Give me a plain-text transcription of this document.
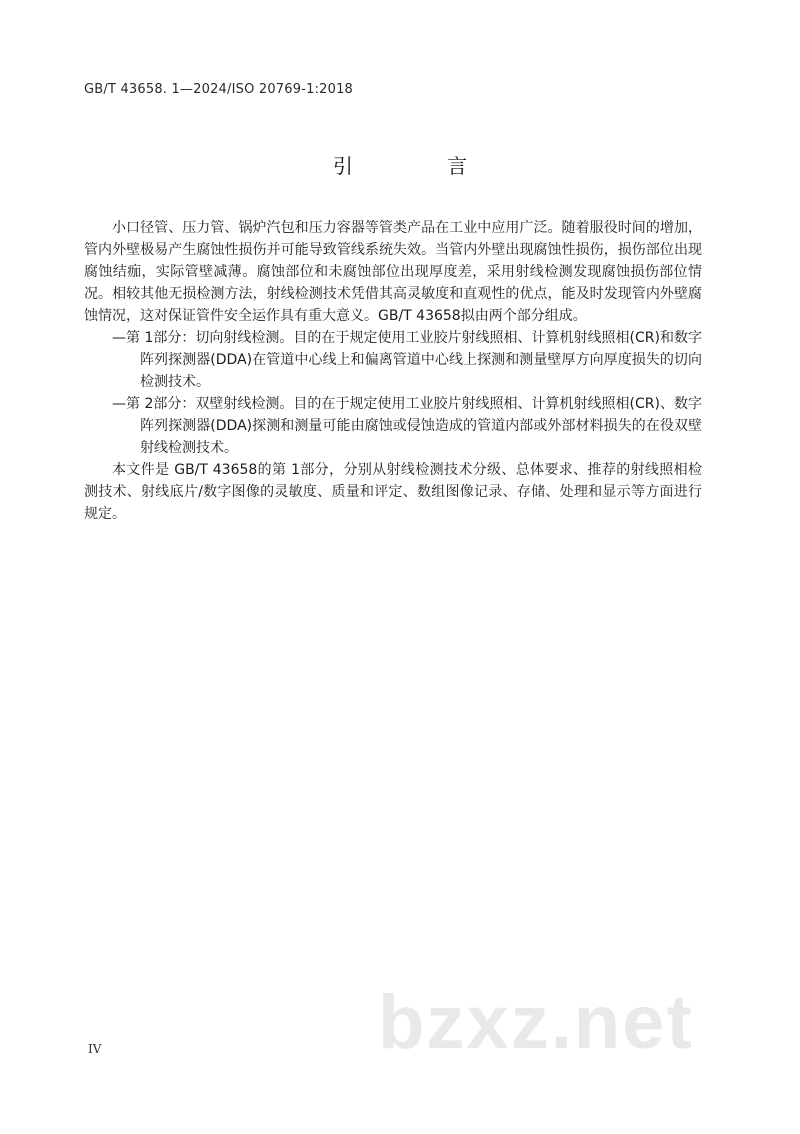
GB/T 43658. 1—2024/ISO 20769-1:2018
引 言

小口径管、压力管、锅炉汽包和压力容器等管类产品在工业中应用广泛。随着服役时间的增加，管内外壁极易产生腐蚀性损伤并可能导致管线系统失效。当管内外壁出现腐蚀性损伤，损伤部位出现腐蚀结痂，实际管壁减薄。腐蚀部位和未腐蚀部位出现厚度差，采用射线检测发现腐蚀损伤部位情况。相较其他无损检测方法，射线检测技术凭借其高灵敏度和直观性的优点，能及时发现管内外壁腐蚀情况，这对保证管件安全运作具有重大意义。GB/T 43658拟由两个部分组成。

—第 1部分：切向射线检测。目的在于规定使用工业胶片射线照相、计算机射线照相(CR)和数字阵列探测器(DDA)在管道中心线上和偏离管道中心线上探测和测量壁厚方向厚度损失的切向检测技术。

—第 2部分：双壁射线检测。目的在于规定使用工业胶片射线照相、计算机射线照相(CR)、数字阵列探测器(DDA)探测和测量可能由腐蚀或侵蚀造成的管道内部或外部材料损失的在役双壁射线检测技术。

本文件是 GB/T 43658的第 1部分，分别从射线检测技术分级、总体要求、推荐的射线照相检测技术、射线底片/数字图像的灵敏度、质量和评定、数组图像记录、存储、处理和显示等方面进行规定。

IV	bzxz.net
